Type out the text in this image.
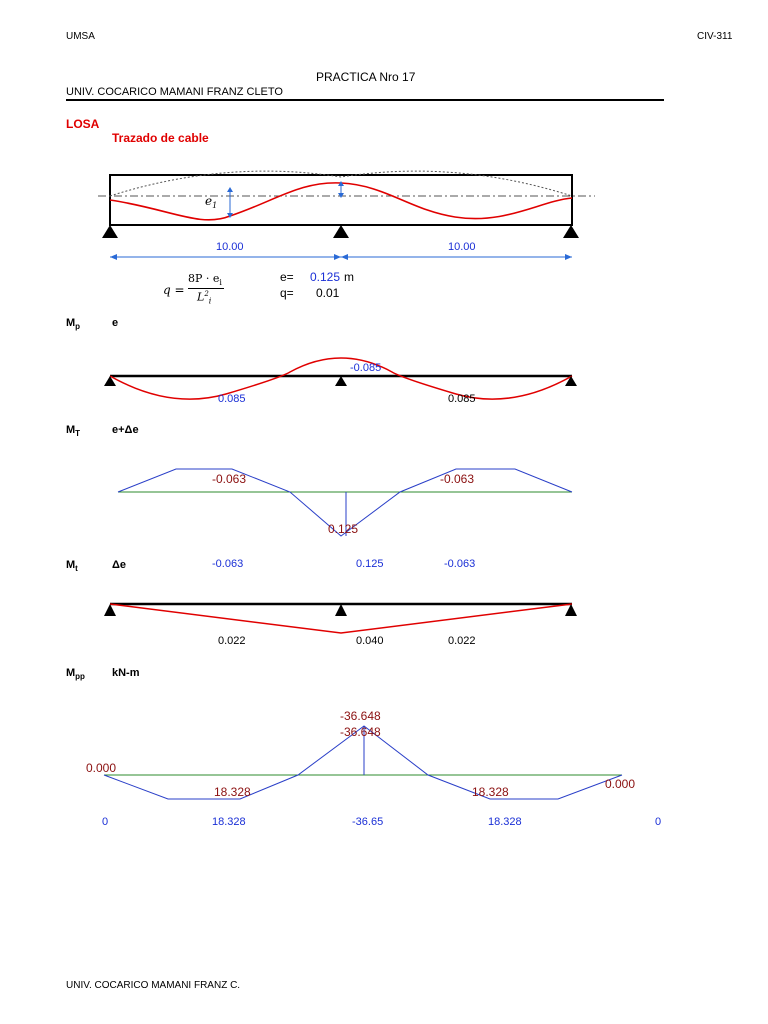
UMSA	CIV-311
PRACTICA Nro 17
UNIV. COCARICO MAMANI FRANZ CLETO
LOSA
Trazado de cable
$e_1$
10.00	10.00
q =
$8P \cdot e_i$
$L^2_i$
e= 0.125 m
q= 0.01
$M_p$	e
-0.085
0.085	0.085
$M_T$	e+Δe
-0.063	-0.063
0.125
$M_t$	Δe	-0.063	0.125	-0.063
0.022	0.040	0.022
$M_{pp}$ kN-m
-36.648
-36.648
0.000
0.000
18.328	18.328
0	18.328	-36.65	18.328	0
UNIV. COCARICO MAMANI FRANZ C.
